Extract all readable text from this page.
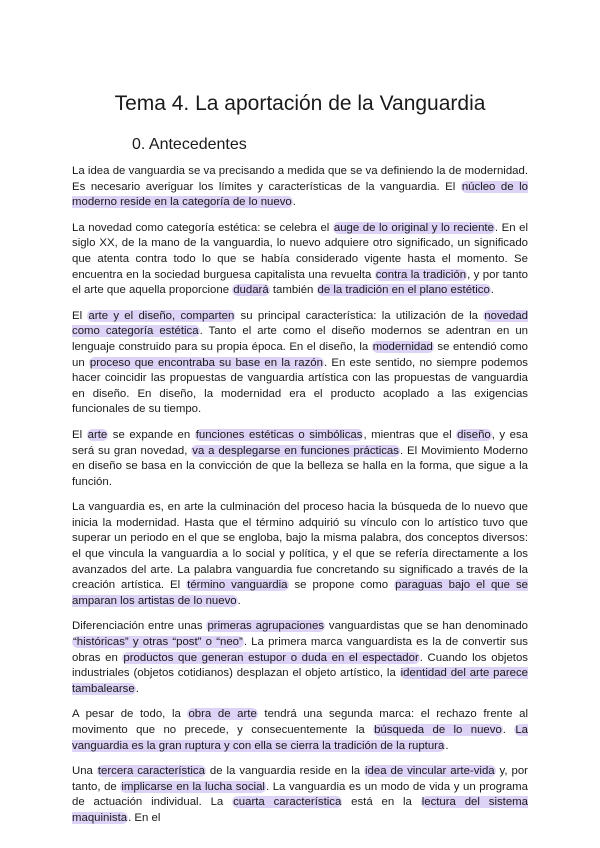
Tema 4. La aportación de la Vanguardia
0. Antecedentes

La idea de vanguardia se va precisando a medida que se va definiendo la de modernidad. Es necesario averiguar los límites y características de la vanguardia. El núcleo de lo moderno reside en la categoría de lo nuevo.

La novedad como categoría estética: se celebra el auge de lo original y lo reciente. En el siglo XX, de la mano de la vanguardia, lo nuevo adquiere otro significado, un significado que atenta contra todo lo que se había considerado vigente hasta el momento. Se encuentra en la sociedad burguesa capitalista una revuelta contra la tradición, y por tanto el arte que aquella proporcione dudará también de la tradición en el plano estético.

El arte y el diseño, comparten su principal característica: la utilización de la novedad como categoría estética. Tanto el arte como el diseño modernos se adentran en un lenguaje construido para su propia época. En el diseño, la modernidad se entendió como un proceso que encontraba su base en la razón. En este sentido, no siempre podemos hacer coincidir las propuestas de vanguardia artística con las propuestas de vanguardia en diseño. En diseño, la modernidad era el producto acoplado a las exigencias funcionales de su tiempo.

El arte se expande en funciones estéticas o simbólicas, mientras que el diseño, y esa será su gran novedad, va a desplegarse en funciones prácticas. El Movimiento Moderno en diseño se basa en la convicción de que la belleza se halla en la forma, que sigue a la función.

La vanguardia es, en arte la culminación del proceso hacia la búsqueda de lo nuevo que inicia la modernidad. Hasta que el término adquirió su vínculo con lo artístico tuvo que superar un periodo en el que se engloba, bajo la misma palabra, dos conceptos diversos: el que vincula la vanguardia a lo social y política, y el que se refería directamente a los avanzados del arte. La palabra vanguardia fue concretando su significado a través de la creación artística. El término vanguardia se propone como paraguas bajo el que se amparan los artistas de lo nuevo.

Diferenciación entre unas primeras agrupaciones vanguardistas que se han denominado “históricas” y otras “post” o “neo”. La primera marca vanguardista es la de convertir sus obras en productos que generan estupor o duda en el espectador. Cuando los objetos industriales (objetos cotidianos) desplazan el objeto artístico, la identidad del arte parece tambalearse.

A pesar de todo, la obra de arte tendrá una segunda marca: el rechazo frente al movimento que no precede, y consecuentemente la búsqueda de lo nuevo. La vanguardia es la gran ruptura y con ella se cierra la tradición de la ruptura.

Una tercera característica de la vanguardia reside en la idea de vincular arte-vida y, por tanto, de implicarse en la lucha social. La vanguardia es un modo de vida y un programa de actuación individual. La cuarta característica está en la lectura del sistema maquinista. En el
